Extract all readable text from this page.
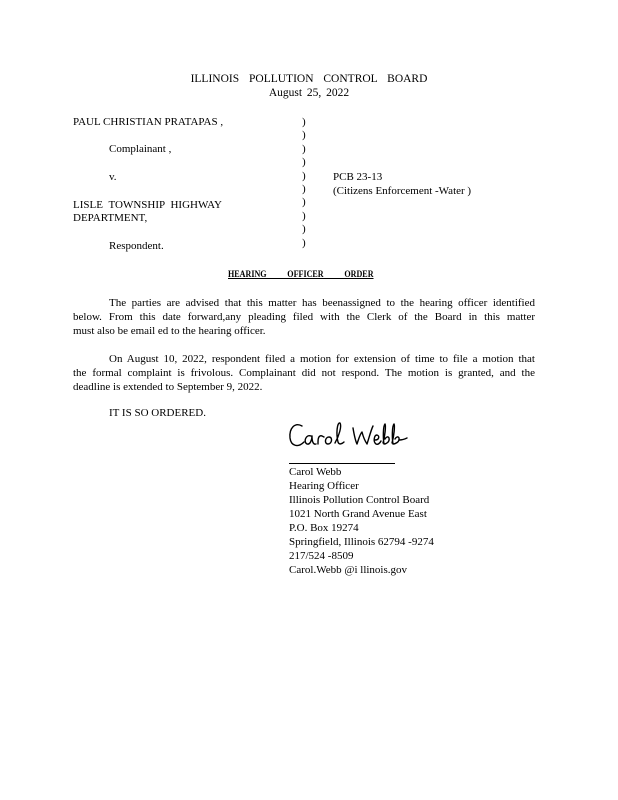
ILLINOIS POLLUTION CONTROL BOARD
August 25, 2022
PAUL CHRISTIAN PRATAPAS ,
Complainant ,
v.
LISLE TOWNSHIP HIGHWAY
DEPARTMENT,
Respondent.
)
)
)
)
)
)
)
)
)
)
PCB 23-13
(Citizens Enforcement -Water )
HEARING OFFICER ORDER
The parties are advised that this matter has beenassigned to the hearing officer identified
below. From this date forward,any pleading filed with the Clerk of the Board in this matter
must also be email ed to the hearing officer.
On August 10, 2022, respondent filed a motion for extension of time to file a motion that
the formal complaint is frivolous. Complainant did not respond. The motion is granted, and the
deadline is extended to September 9, 2022.
IT IS SO ORDERED.
Carol Webb
Hearing Officer
Illinois Pollution Control Board
1021 North Grand Avenue East
P.O. Box 19274
Springfield, Illinois 62794 -9274
217/524 -8509
Carol.Webb @i llinois.gov
